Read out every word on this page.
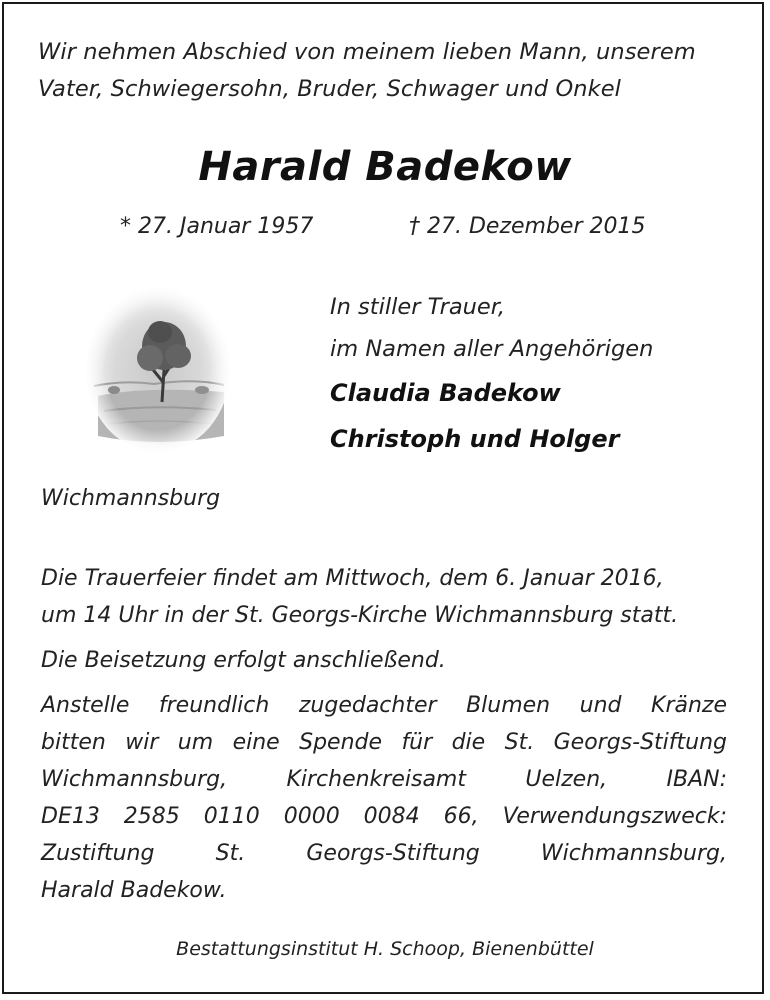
Wir nehmen Abschied von meinem lieben Mann, unserem
Vater, Schwiegersohn, Bruder, Schwager und Onkel
Harald Badekow
* 27. Januar 1957	† 27. Dezember 2015
In stiller Trauer,
im Namen aller Angehörigen
Claudia Badekow
Christoph und Holger
Wichmannsburg
Die Trauerfeier findet am Mittwoch, dem 6. Januar 2016,
um 14 Uhr in der St. Georgs-Kirche Wichmannsburg statt.
Die Beisetzung erfolgt anschließend.
Anstelle freundlich zugedachter Blumen und Kränze
bitten wir um eine Spende für die St. Georgs-Stiftung
Wichmannsburg, Kirchenkreisamt Uelzen, IBAN:
DE13 2585 0110 0000 0084 66, Verwendungszweck:
Zustiftung St. Georgs-Stiftung Wichmannsburg,
Harald Badekow.
Bestattungsinstitut H. Schoop, Bienenbüttel
